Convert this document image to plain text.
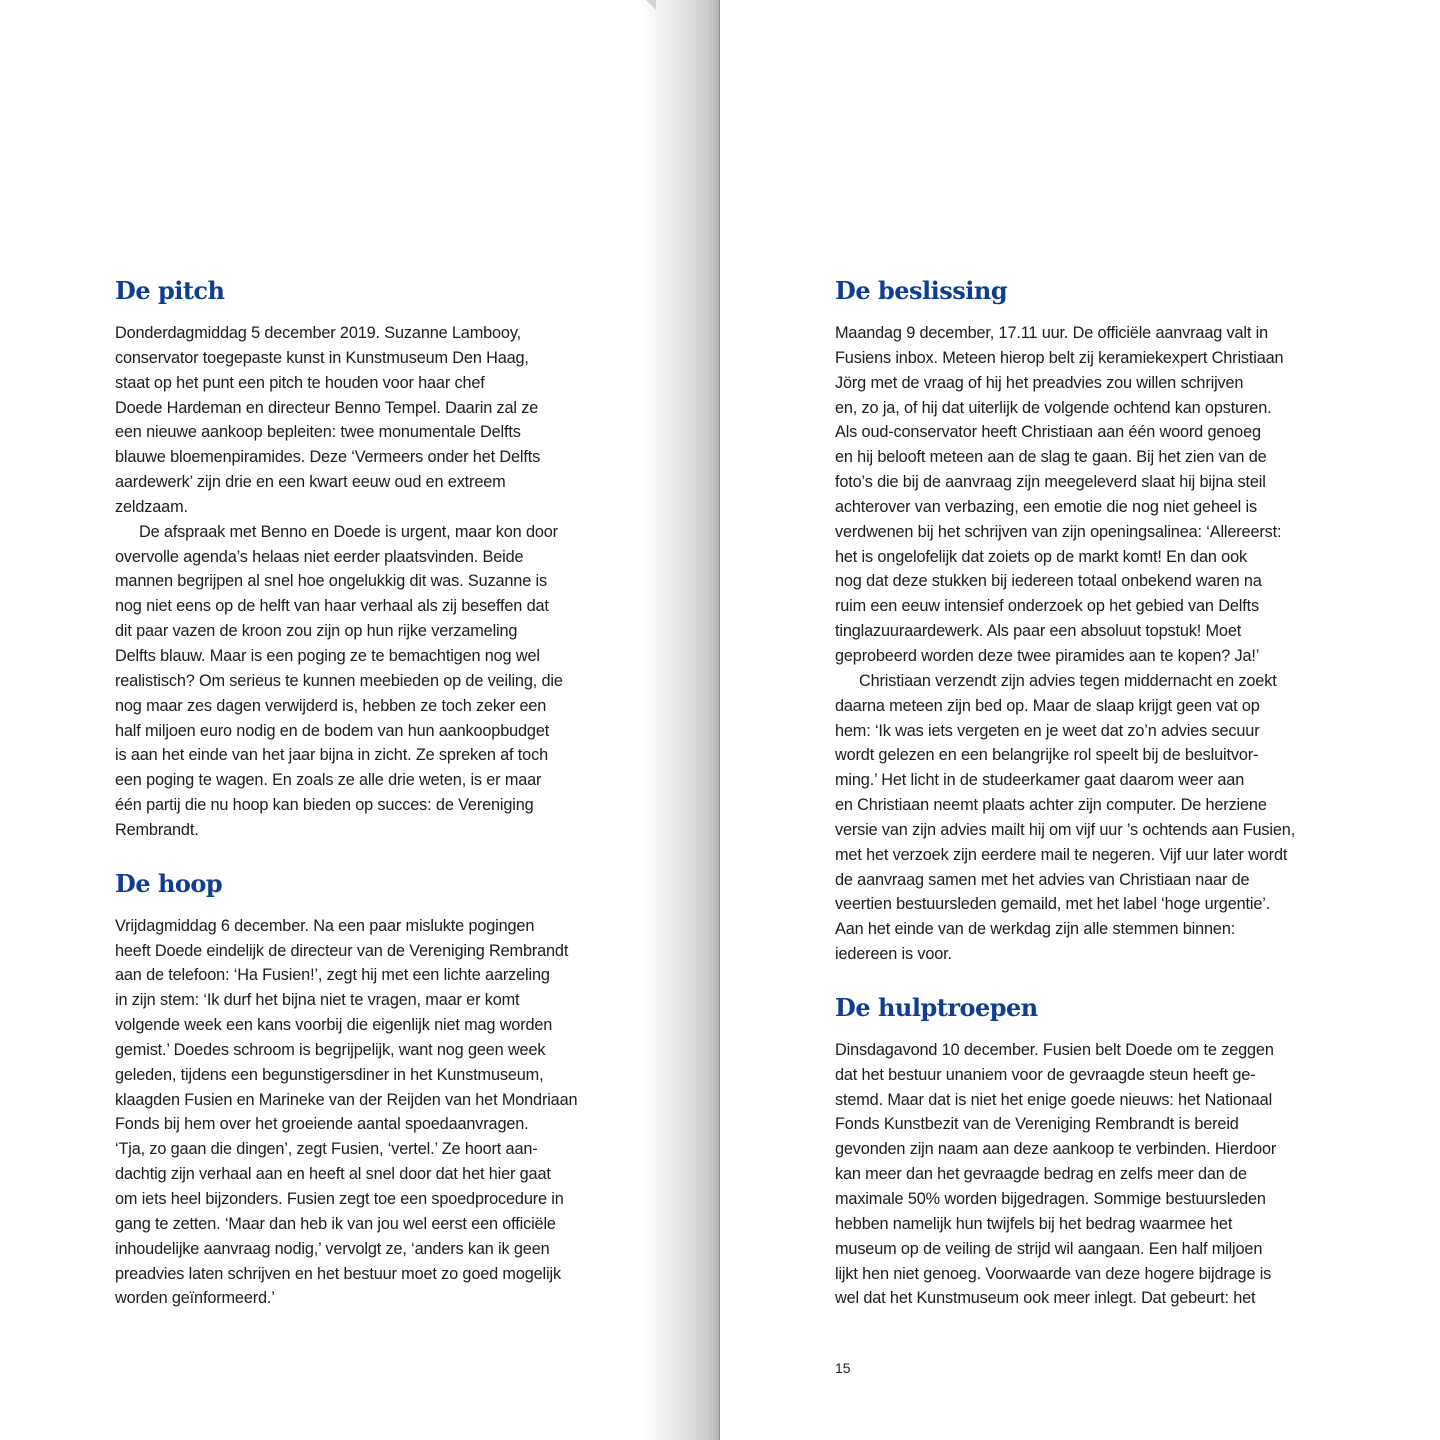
De pitch
Donderdagmiddag 5 december 2019. Suzanne Lambooy,
conservator toegepaste kunst in Kunstmuseum Den Haag,
staat op het punt een pitch te houden voor haar chef
Doede Hardeman en directeur Benno Tempel. Daarin zal ze
een nieuwe aankoop bepleiten: twee monumentale Delfts
blauwe bloemenpiramides. Deze ‘Vermeers onder het Delfts
aardewerk’ zijn drie en een kwart eeuw oud en extreem
zeldzaam.
De afspraak met Benno en Doede is urgent, maar kon door
overvolle agenda’s helaas niet eerder plaatsvinden. Beide
mannen begrijpen al snel hoe ongelukkig dit was. Suzanne is
nog niet eens op de helft van haar verhaal als zij beseffen dat
dit paar vazen de kroon zou zijn op hun rijke verzameling
Delfts blauw. Maar is een poging ze te bemachtigen nog wel
realistisch? Om serieus te kunnen meebieden op de veiling, die
nog maar zes dagen verwijderd is, hebben ze toch zeker een
half miljoen euro nodig en de bodem van hun aankoopbudget
is aan het einde van het jaar bijna in zicht. Ze spreken af toch
een poging te wagen. En zoals ze alle drie weten, is er maar
één partij die nu hoop kan bieden op succes: de Vereniging
Rembrandt.
De hoop
Vrijdagmiddag 6 december. Na een paar mislukte pogingen
heeft Doede eindelijk de directeur van de Vereniging Rembrandt
aan de telefoon: ‘Ha Fusien!’, zegt hij met een lichte aarzeling
in zijn stem: ‘Ik durf het bijna niet te vragen, maar er komt
volgende week een kans voorbij die eigenlijk niet mag worden
gemist.’ Doedes schroom is begrijpelijk, want nog geen week
geleden, tijdens een begunstigersdiner in het Kunstmuseum,
klaagden Fusien en Marineke van der Reijden van het Mondriaan
Fonds bij hem over het groeiende aantal spoedaanvragen.
‘Tja, zo gaan die dingen’, zegt Fusien, ‘vertel.’ Ze hoort aan-
dachtig zijn verhaal aan en heeft al snel door dat het hier gaat
om iets heel bijzonders. Fusien zegt toe een spoedprocedure in
gang te zetten. ‘Maar dan heb ik van jou wel eerst een officiële
inhoudelijke aanvraag nodig,’ vervolgt ze, ‘anders kan ik geen
preadvies laten schrijven en het bestuur moet zo goed mogelijk
worden geïnformeerd.’
De beslissing
Maandag 9 december, 17.11 uur. De officiële aanvraag valt in
Fusiens inbox. Meteen hierop belt zij keramiekexpert Christiaan
Jörg met de vraag of hij het preadvies zou willen schrijven
en, zo ja, of hij dat uiterlijk de volgende ochtend kan opsturen.
Als oud-conservator heeft Christiaan aan één woord genoeg
en hij belooft meteen aan de slag te gaan. Bij het zien van de
foto’s die bij de aanvraag zijn meegeleverd slaat hij bijna steil
achterover van verbazing, een emotie die nog niet geheel is
verdwenen bij het schrijven van zijn openingsalinea: ‘Allereerst:
het is ongelofelijk dat zoiets op de markt komt! En dan ook
nog dat deze stukken bij iedereen totaal onbekend waren na
ruim een eeuw intensief onderzoek op het gebied van Delfts
tinglazuuraardewerk. Als paar een absoluut topstuk! Moet
geprobeerd worden deze twee piramides aan te kopen? Ja!’
Christiaan verzendt zijn advies tegen middernacht en zoekt
daarna meteen zijn bed op. Maar de slaap krijgt geen vat op
hem: ‘Ik was iets vergeten en je weet dat zo’n advies secuur
wordt gelezen en een belangrijke rol speelt bij de besluitvor-
ming.’ Het licht in de studeerkamer gaat daarom weer aan
en Christiaan neemt plaats achter zijn computer. De herziene
versie van zijn advies mailt hij om vijf uur ’s ochtends aan Fusien,
met het verzoek zijn eerdere mail te negeren. Vijf uur later wordt
de aanvraag samen met het advies van Christiaan naar de
veertien bestuursleden gemaild, met het label ‘hoge urgentie’.
Aan het einde van de werkdag zijn alle stemmen binnen:
iedereen is voor.
De hulptroepen
Dinsdagavond 10 december. Fusien belt Doede om te zeggen
dat het bestuur unaniem voor de gevraagde steun heeft ge-
stemd. Maar dat is niet het enige goede nieuws: het Nationaal
Fonds Kunstbezit van de Vereniging Rembrandt is bereid
gevonden zijn naam aan deze aankoop te verbinden. Hierdoor
kan meer dan het gevraagde bedrag en zelfs meer dan de
maximale 50% worden bijgedragen. Sommige bestuursleden
hebben namelijk hun twijfels bij het bedrag waarmee het
museum op de veiling de strijd wil aangaan. Een half miljoen
lijkt hen niet genoeg. Voorwaarde van deze hogere bijdrage is
wel dat het Kunstmuseum ook meer inlegt. Dat gebeurt: het
15
